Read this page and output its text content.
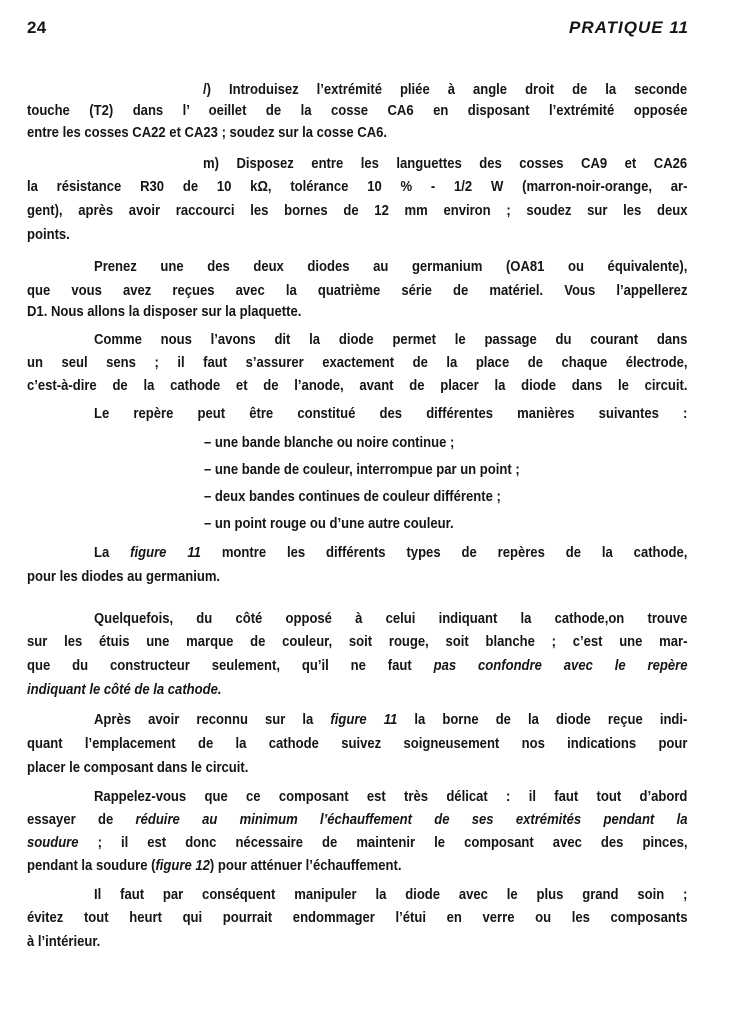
24	PRATIQUE 11
/) Introduisez l’extrémité pliée à angle droit de la seconde
touche (T2) dans l’ oeillet de la cosse CA6 en disposant l’extrémité opposée
entre les cosses CA22 et CA23 ; soudez sur la cosse CA6.
m) Disposez entre les languettes des cosses CA9 et CA26
la résistance R30 de 10 kΩ, tolérance 10 % - 1/2 W (marron-noir-orange, ar-
gent), après avoir raccourci les bornes de 12 mm environ ; soudez sur les deux
points.
Prenez une des deux diodes au germanium (OA81 ou équivalente),
que vous avez reçues avec la quatrième série de matériel. Vous l’appellerez
D1. Nous allons la disposer sur la plaquette.
Comme nous l’avons dit la diode permet le passage du courant dans
un seul sens ; il faut s’assurer exactement de la place de chaque électrode,
c’est-à-dire de la cathode et de l’anode, avant de placer la diode dans le circuit.
Le repère peut être constitué des différentes manières suivantes :
– une bande blanche ou noire continue ;
– une bande de couleur, interrompue par un point ;
– deux bandes continues de couleur différente ;
– un point rouge ou d’une autre couleur.
La figure 11 montre les différents types de repères de la cathode,
pour les diodes au germanium.
Quelquefois, du côté opposé à celui indiquant la cathode,on trouve
sur les étuis une marque de couleur, soit rouge, soit blanche ; c’est une mar-
que du constructeur seulement, qu’il ne faut pas confondre avec le repère
indiquant le côté de la cathode.
Après avoir reconnu sur la figure 11 la borne de la diode reçue indi-
quant l’emplacement de la cathode suivez soigneusement nos indications pour
placer le composant dans le circuit.
Rappelez-vous que ce composant est très délicat : il faut tout d’abord
essayer de réduire au minimum l’échauffement de ses extrémités pendant la
soudure ; il est donc nécessaire de maintenir le composant avec des pinces,
pendant la soudure (figure 12) pour atténuer l’échauffement.
Il faut par conséquent manipuler la diode avec le plus grand soin ;
évitez tout heurt qui pourrait endommager l’étui en verre ou les composants
à l’intérieur.
